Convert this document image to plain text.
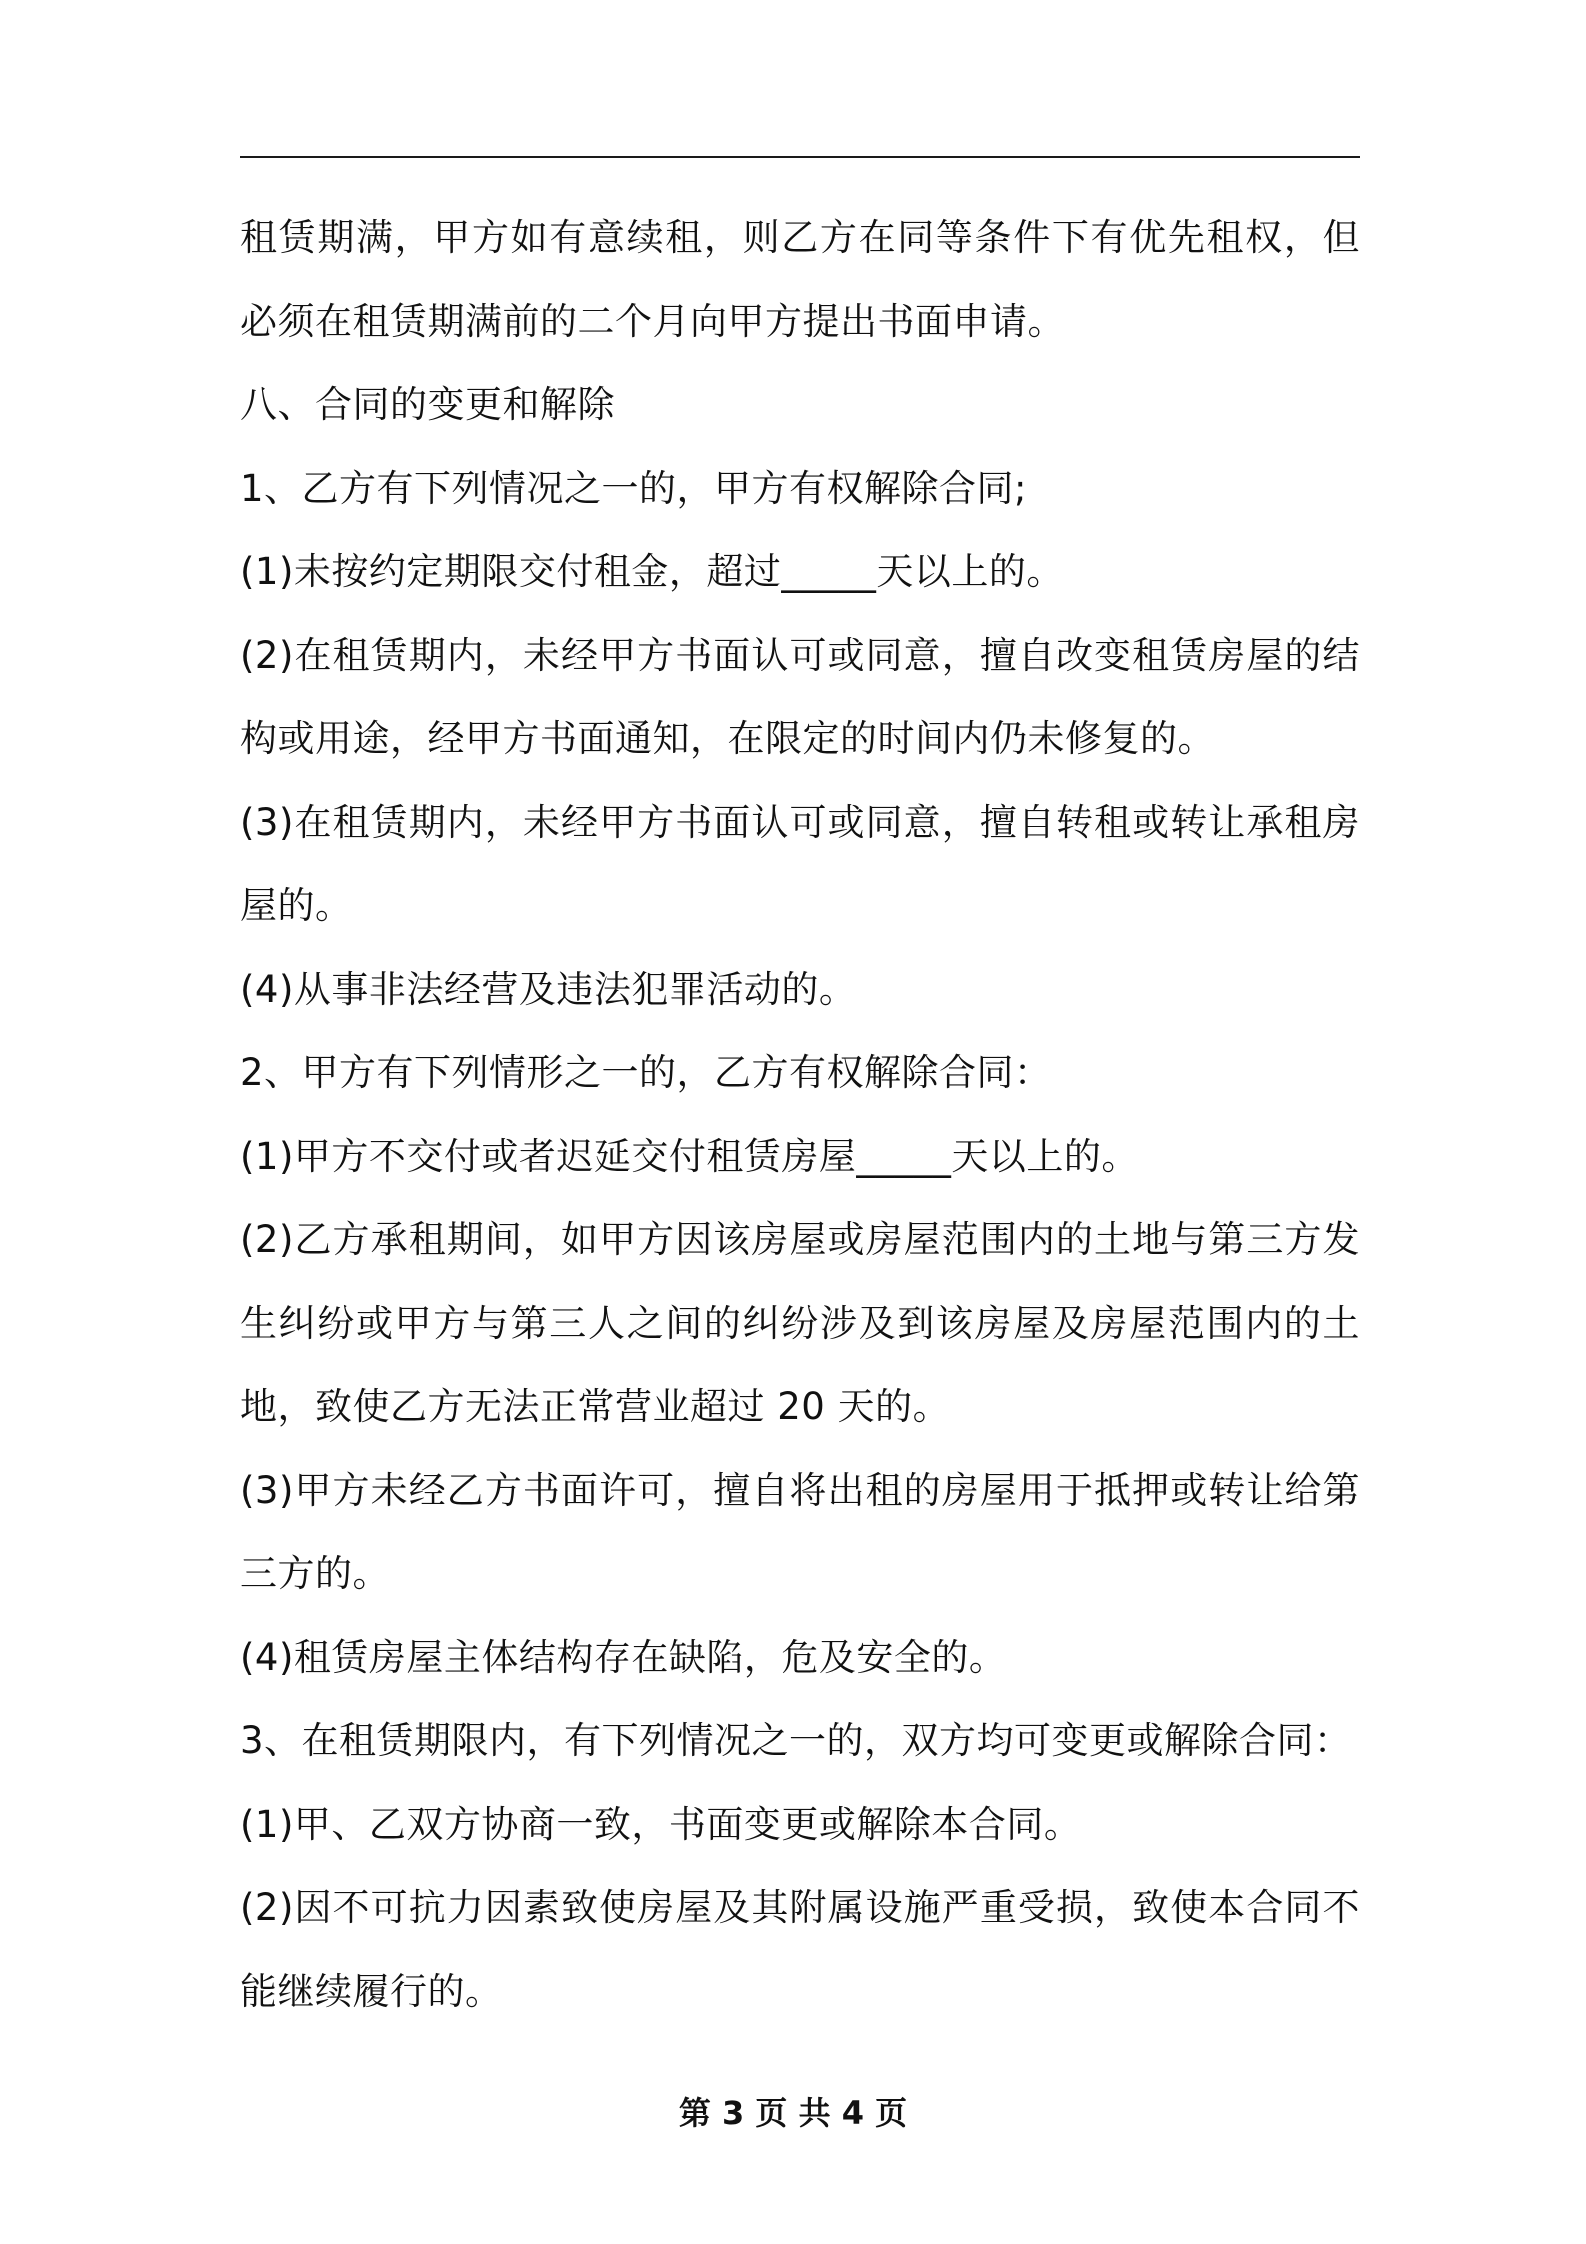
租赁期满，甲方如有意续租，则乙方在同等条件下有优先租权，但必须在租赁期满前的二个月向甲方提出书面申请。

八、合同的变更和解除

1、乙方有下列情况之一的，甲方有权解除合同;

(1)未按约定期限交付租金，超过_____天以上的。

(2)在租赁期内，未经甲方书面认可或同意，擅自改变租赁房屋的结构或用途，经甲方书面通知，在限定的时间内仍未修复的。

(3)在租赁期内，未经甲方书面认可或同意，擅自转租或转让承租房屋的。

(4)从事非法经营及违法犯罪活动的。

2、甲方有下列情形之一的，乙方有权解除合同：

(1)甲方不交付或者迟延交付租赁房屋_____天以上的。

(2)乙方承租期间，如甲方因该房屋或房屋范围内的土地与第三方发生纠纷或甲方与第三人之间的纠纷涉及到该房屋及房屋范围内的土地，致使乙方无法正常营业超过 20 天的。

(3)甲方未经乙方书面许可，擅自将出租的房屋用于抵押或转让给第三方的。

(4)租赁房屋主体结构存在缺陷，危及安全的。

3、在租赁期限内，有下列情况之一的，双方均可变更或解除合同：

(1)甲、乙双方协商一致，书面变更或解除本合同。

(2)因不可抗力因素致使房屋及其附属设施严重受损，致使本合同不能继续履行的。

第 3 页 共 4 页
